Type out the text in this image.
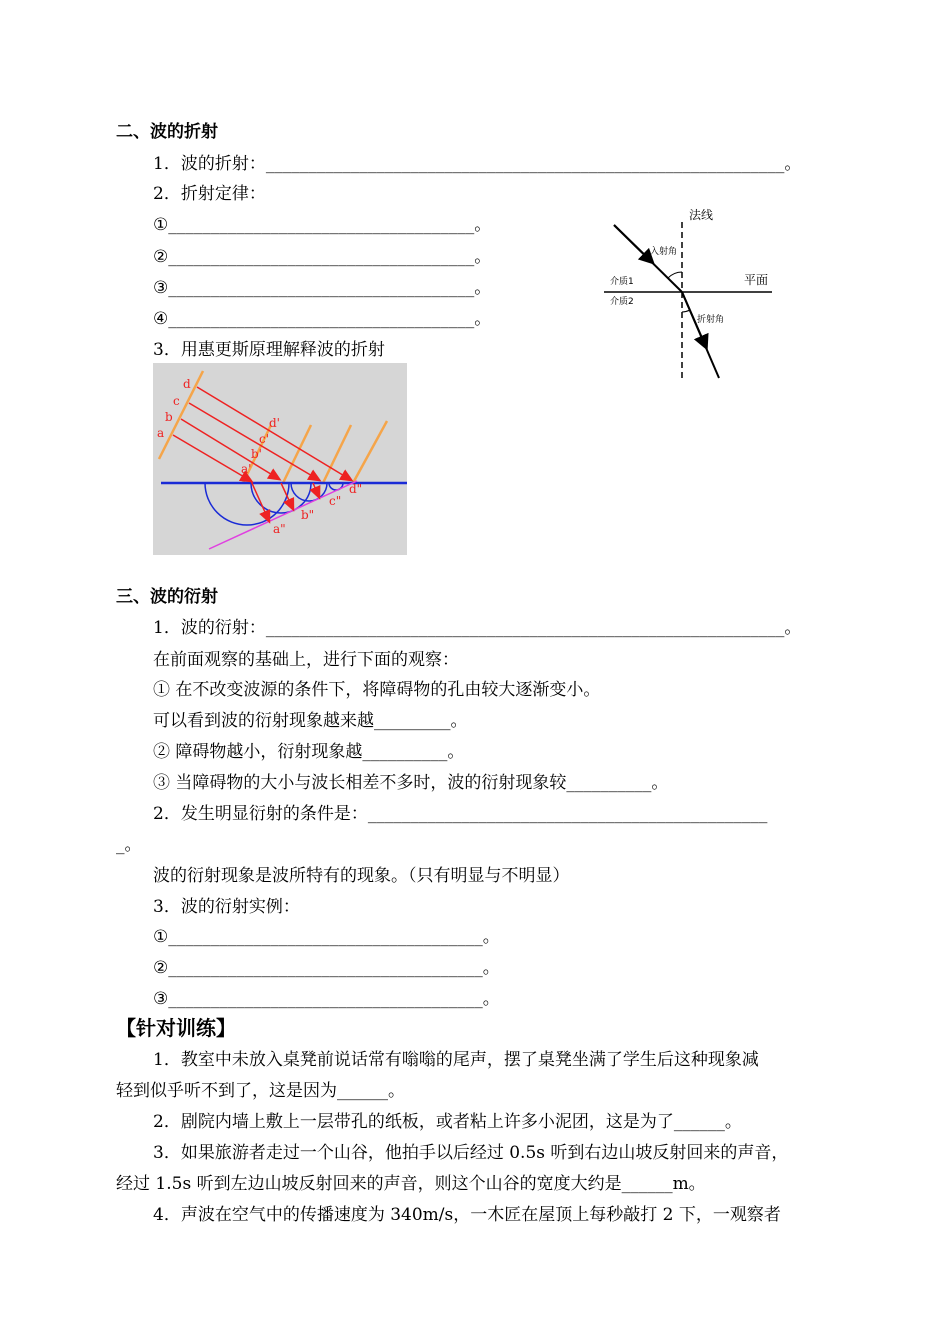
二、波的折射
1．波的折射：_____________________________________________________________。
2．折射定律：
①____________________________________。
②____________________________________。
③____________________________________。
④____________________________________。
3．用惠更斯原理解释波的折射
法线
平面
入射角
折射角
介质1
介质2
a
b
c
d
a'
b'
c'
d'
a"
b"
c"
d"
三、波的衍射
1．波的衍射：_____________________________________________________________。
在前面观察的基础上，进行下面的观察：
① 在不改变波源的条件下，将障碍物的孔由较大逐渐变小。
可以看到波的衍射现象越来越_________。
② 障碍物越小，衍射现象越__________。
③ 当障碍物的大小与波长相差不多时，波的衍射现象较__________。
2．发生明显衍射的条件是：_______________________________________________
_。
波的衍射现象是波所特有的现象。（只有明显与不明显）
3．波的衍射实例：
①_____________________________________。
②_____________________________________。
③_____________________________________。
【针对训练】
1．教室中未放入桌凳前说话常有嗡嗡的尾声，摆了桌凳坐满了学生后这种现象减
轻到似乎听不到了，这是因为______。
2．剧院内墙上敷上一层带孔的纸板，或者粘上许多小泥团，这是为了______。
3．如果旅游者走过一个山谷，他拍手以后经过 0.5s 听到右边山坡反射回来的声音，
经过 1.5s 听到左边山坡反射回来的声音，则这个山谷的宽度大约是______m。
4．声波在空气中的传播速度为 340m/s，一木匠在屋顶上每秒敲打 2 下，一观察者
